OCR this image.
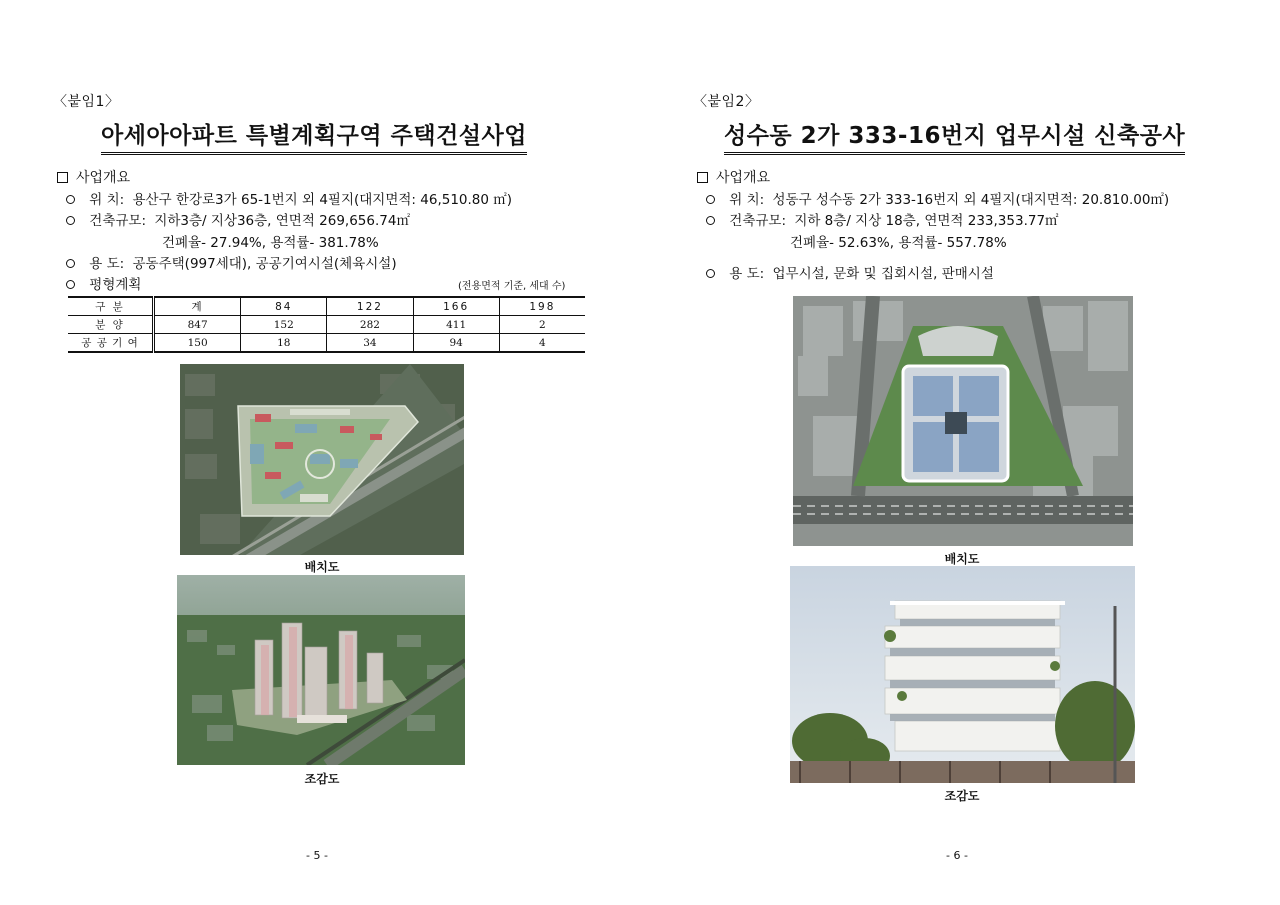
〈붙임1〉
아세아아파트 특별계획구역 주택건설사업
사업개요
위 치: 용산구 한강로3가 65-1번지 외 4필지(대지면적: 46,510.80 ㎡)
건축규모: 지하3층/ 지상36층, 연면적 269,656.74㎡
건폐율- 27.94%, 용적률- 381.78%
용 도: 공동주택(997세대), 공공기여시설(체육시설)
평형계획	(전용면적 기준, 세대 수)
구 분	계	84	122	166	198
분 양	847	152	282	411	2
공 공 기 여	150	18	34	94	4
배치도
조감도
- 5 -
〈붙임2〉
성수동 2가 333-16번지 업무시설 신축공사
사업개요
위 치: 성동구 성수동 2가 333-16번지 외 4필지(대지면적: 20.810.00㎡)
건축규모: 지하 8층/ 지상 18층, 연면적 233,353.77㎡
건폐율- 52.63%, 용적률- 557.78%
용 도: 업무시설, 문화 및 집회시설, 판매시설
배치도
조감도
- 6 -
